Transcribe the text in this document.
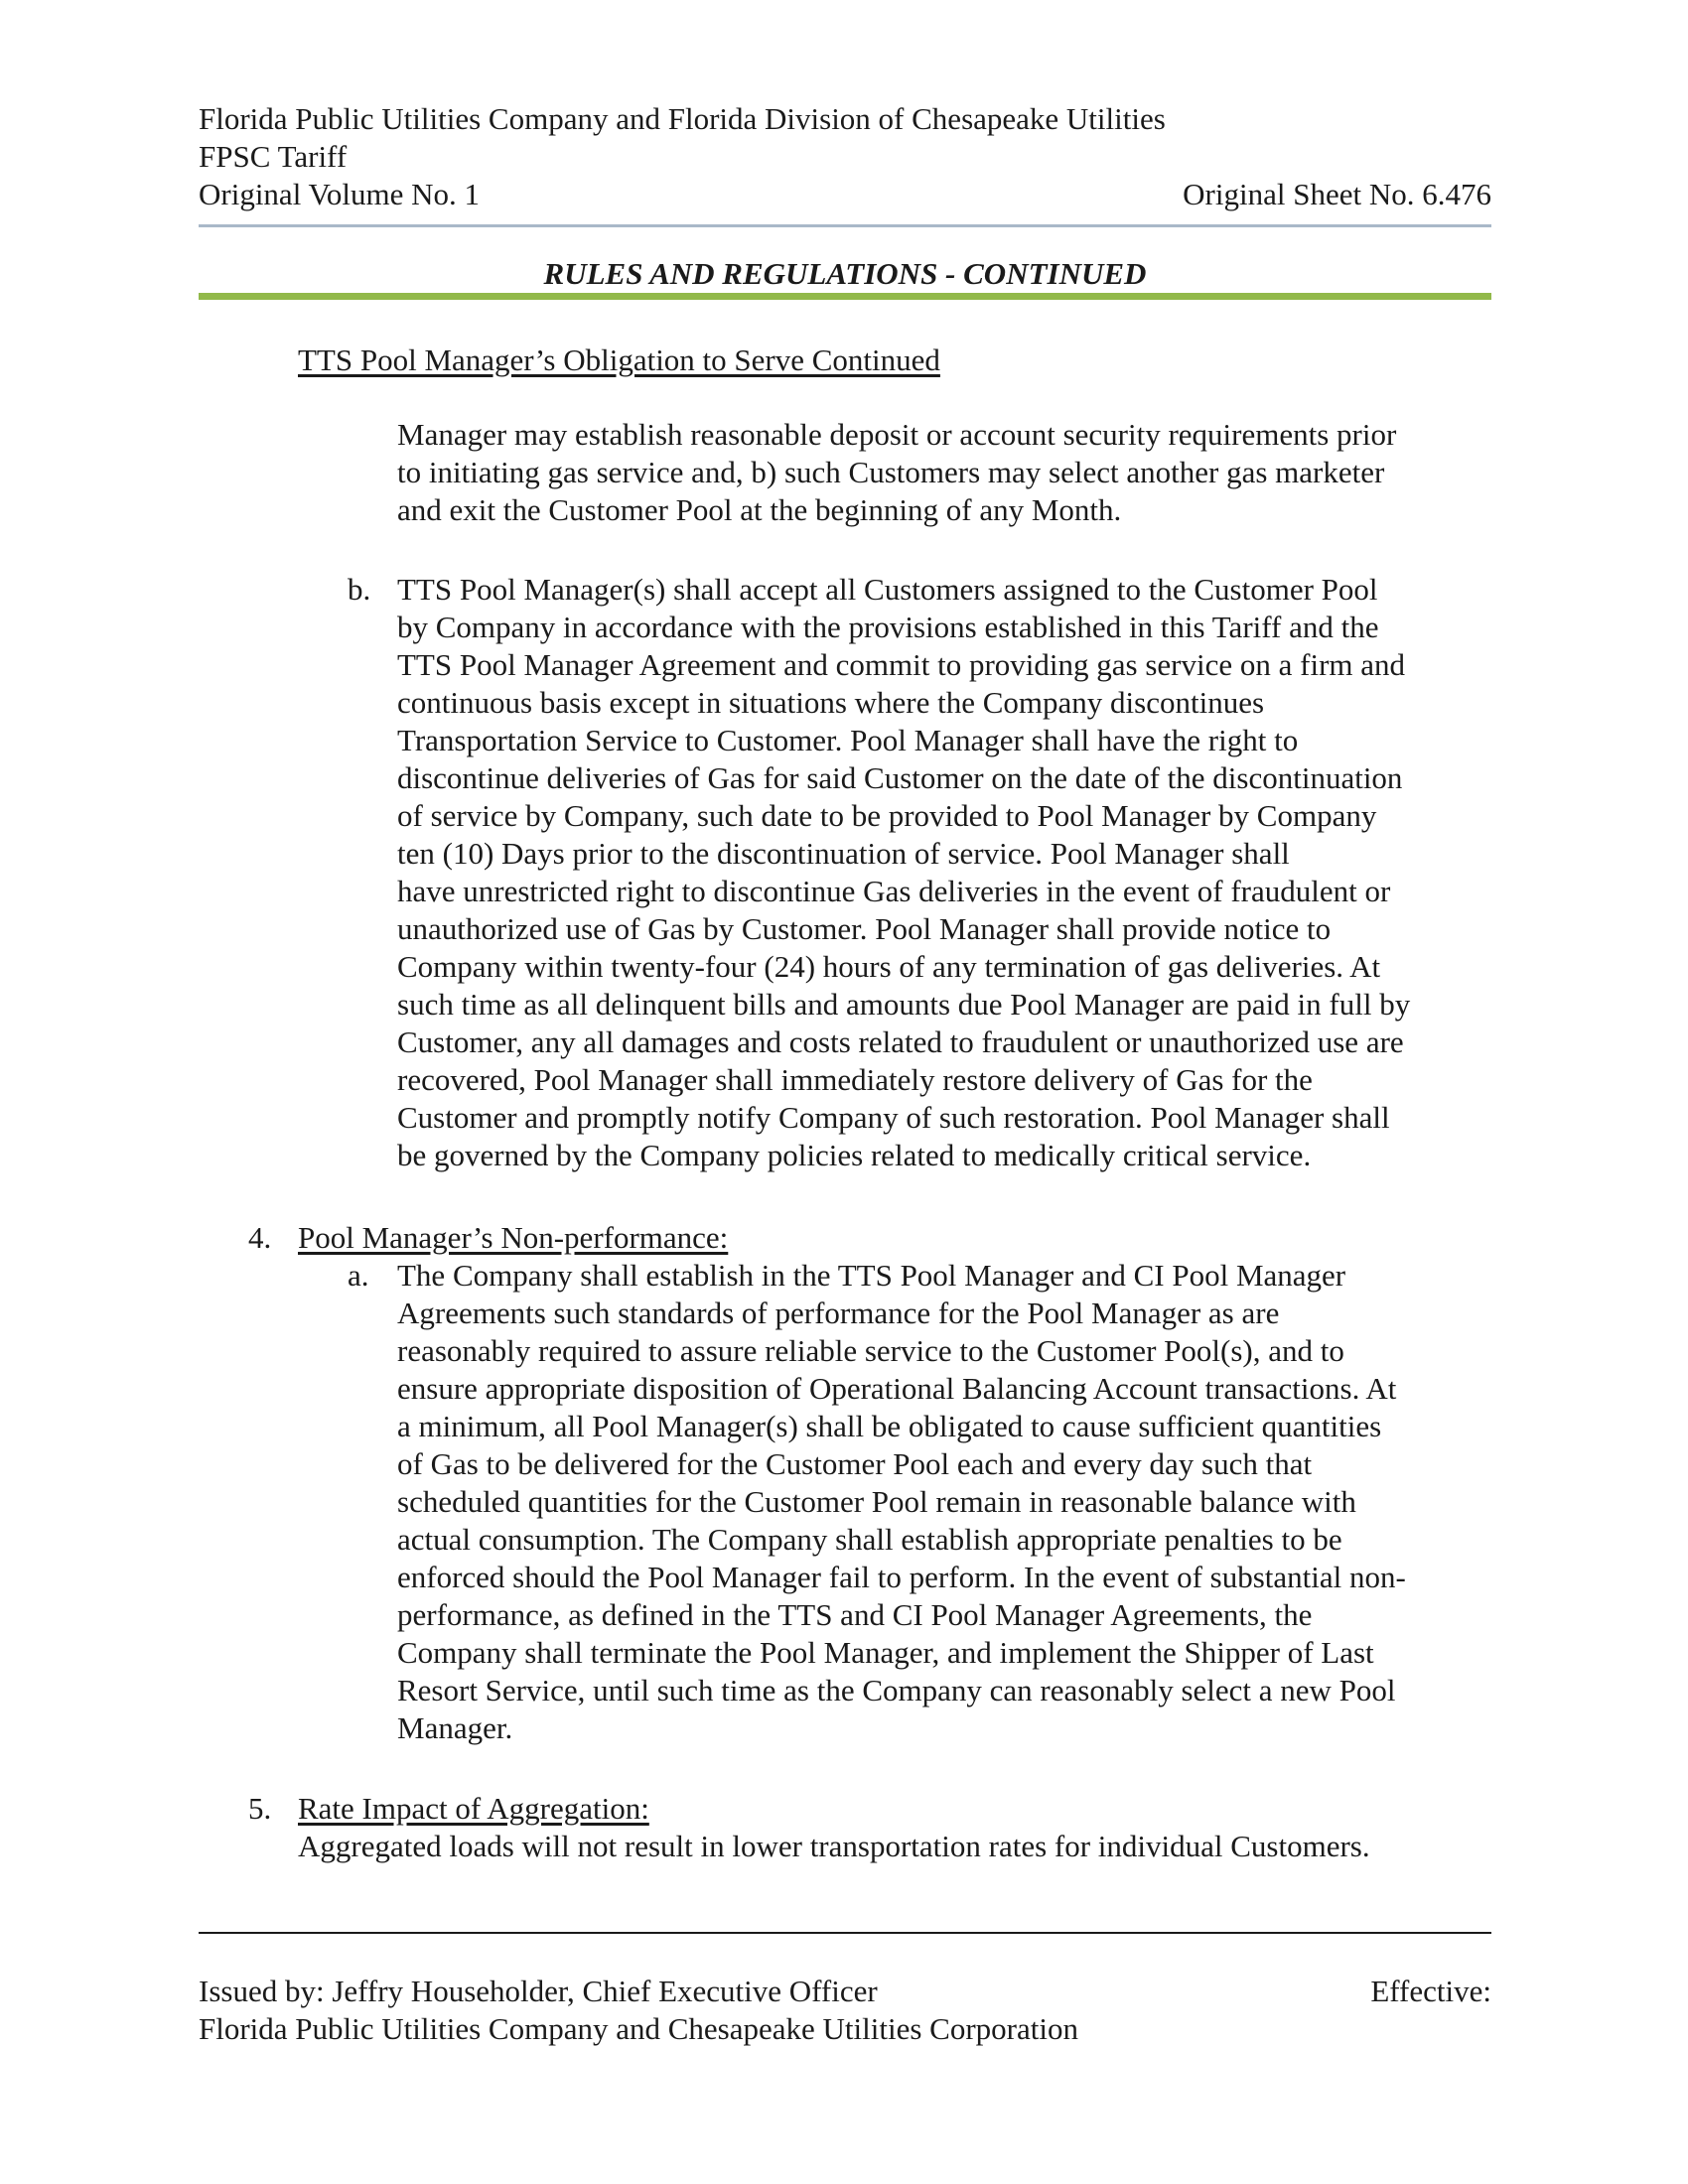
Florida Public Utilities Company and Florida Division of Chesapeake Utilities
FPSC Tariff
Original Volume No. 1	Original Sheet No. 6.476
RULES AND REGULATIONS - CONTINUED
TTS Pool Manager’s Obligation to Serve Continued
Manager may establish reasonable deposit or account security requirements prior
to initiating gas service and, b) such Customers may select another gas marketer
and exit the Customer Pool at the beginning of any Month.
b. TTS Pool Manager(s) shall accept all Customers assigned to the Customer Pool
by Company in accordance with the provisions established in this Tariff and the
TTS Pool Manager Agreement and commit to providing gas service on a firm and
continuous basis except in situations where the Company discontinues
Transportation Service to Customer. Pool Manager shall have the right to
discontinue deliveries of Gas for said Customer on the date of the discontinuation
of service by Company, such date to be provided to Pool Manager by Company
ten (10) Days prior to the discontinuation of service. Pool Manager shall
have unrestricted right to discontinue Gas deliveries in the event of fraudulent or
unauthorized use of Gas by Customer. Pool Manager shall provide notice to
Company within twenty-four (24) hours of any termination of gas deliveries. At
such time as all delinquent bills and amounts due Pool Manager are paid in full by
Customer, any all damages and costs related to fraudulent or unauthorized use are
recovered, Pool Manager shall immediately restore delivery of Gas for the
Customer and promptly notify Company of such restoration. Pool Manager shall
be governed by the Company policies related to medically critical service.
4. Pool Manager’s Non-performance:
a. The Company shall establish in the TTS Pool Manager and CI Pool Manager
Agreements such standards of performance for the Pool Manager as are
reasonably required to assure reliable service to the Customer Pool(s), and to
ensure appropriate disposition of Operational Balancing Account transactions. At
a minimum, all Pool Manager(s) shall be obligated to cause sufficient quantities
of Gas to be delivered for the Customer Pool each and every day such that
scheduled quantities for the Customer Pool remain in reasonable balance with
actual consumption. The Company shall establish appropriate penalties to be
enforced should the Pool Manager fail to perform. In the event of substantial non-
performance, as defined in the TTS and CI Pool Manager Agreements, the
Company shall terminate the Pool Manager, and implement the Shipper of Last
Resort Service, until such time as the Company can reasonably select a new Pool
Manager.
5. Rate Impact of Aggregation:
Aggregated loads will not result in lower transportation rates for individual Customers.
Issued by: Jeffry Householder, Chief Executive Officer	Effective:
Florida Public Utilities Company and Chesapeake Utilities Corporation
